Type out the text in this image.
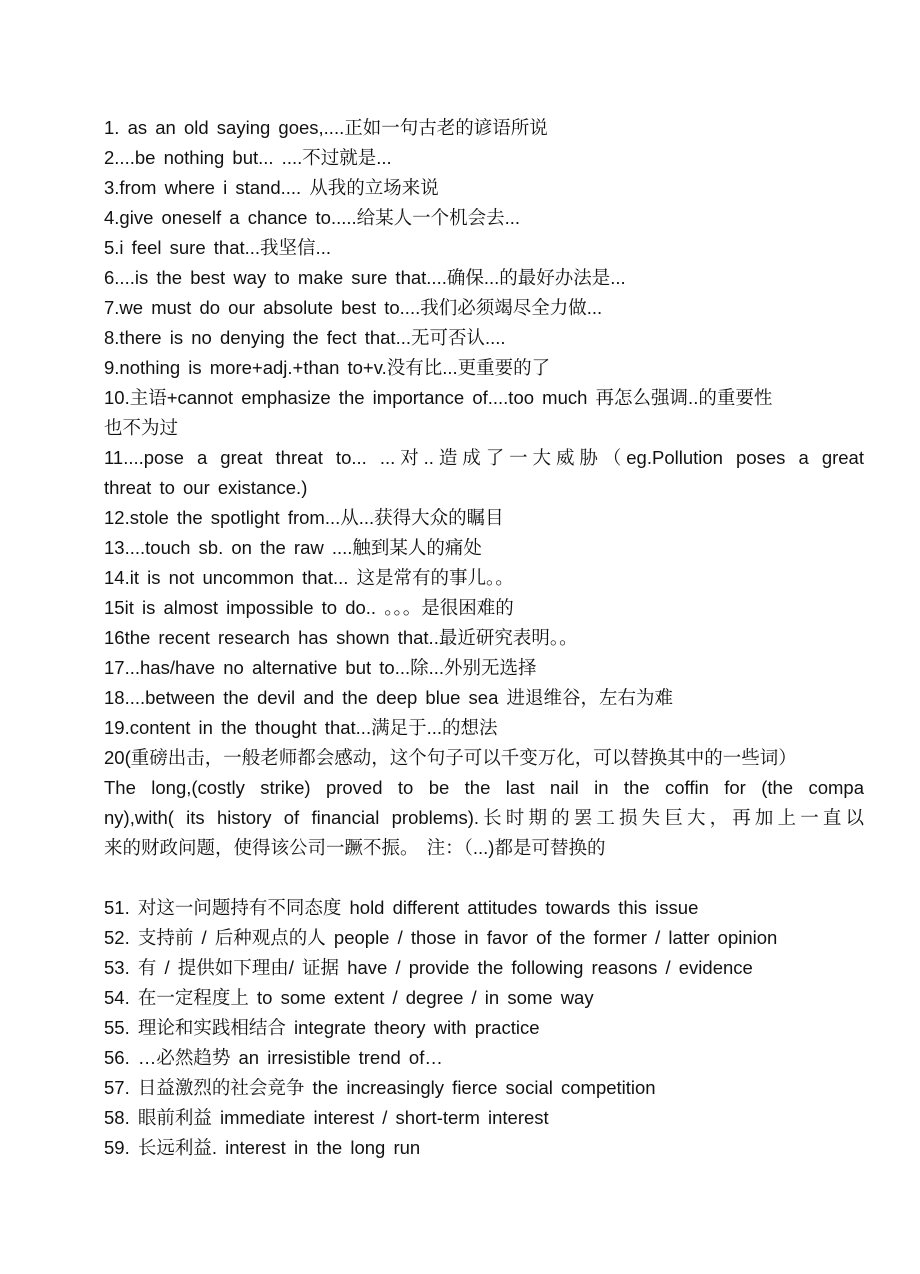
1. as an old saying goes,....正如一句古老的谚语所说
2....be nothing but... ....不过就是...
3.from where i stand.... 从我的立场来说
4.give oneself a chance to.....给某人一个机会去...
5.i feel sure that...我坚信...
6....is the best way to make sure that....确保...的最好办法是...
7.we must do our absolute best to....我们必须竭尽全力做...
8.there is no denying the fect that...无可否认....
9.nothing is more+adj.+than to+v.没有比...更重要的了
10.主语+cannot emphasize the importance of....too much 再怎么强调..的重要性
也不为过
11....pose a great threat to... ...对..造成了一大威胁（eg.Pollution poses a great
threat to our existance.)
12.stole the spotlight from...从...获得大众的瞩目
13....touch sb. on the raw ....触到某人的痛处
14.it is not uncommon that... 这是常有的事儿。。
15it is almost impossible to do.. 。。。是很困难的
16the recent research has shown that..最近研究表明。。
17...has/have no alternative but to...除...外别无选择
18....between the devil and the deep blue sea 进退维谷，左右为难
19.content in the thought that...满足于...的想法
20(重磅出击，一般老师都会感动，这个句子可以千变万化，可以替换其中的一些词）
The long,(costly strike) proved to be the last nail in the coffin for (the compa
ny),with( its history of financial problems).长时期的罢工损失巨大，再加上一直以
来的财政问题，使得该公司一蹶不振。 注：（...)都是可替换的
51. 对这一问题持有不同态度 hold different attitudes towards this issue
52. 支持前 / 后种观点的人 people / those in favor of the former / latter opinion
53. 有 / 提供如下理由/ 证据 have / provide the following reasons / evidence
54. 在一定程度上 to some extent / degree / in some way
55. 理论和实践相结合 integrate theory with practice
56. …必然趋势 an irresistible trend of…
57. 日益激烈的社会竞争 the increasingly fierce social competition
58. 眼前利益 immediate interest / short-term interest
59. 长远利益. interest in the long run
